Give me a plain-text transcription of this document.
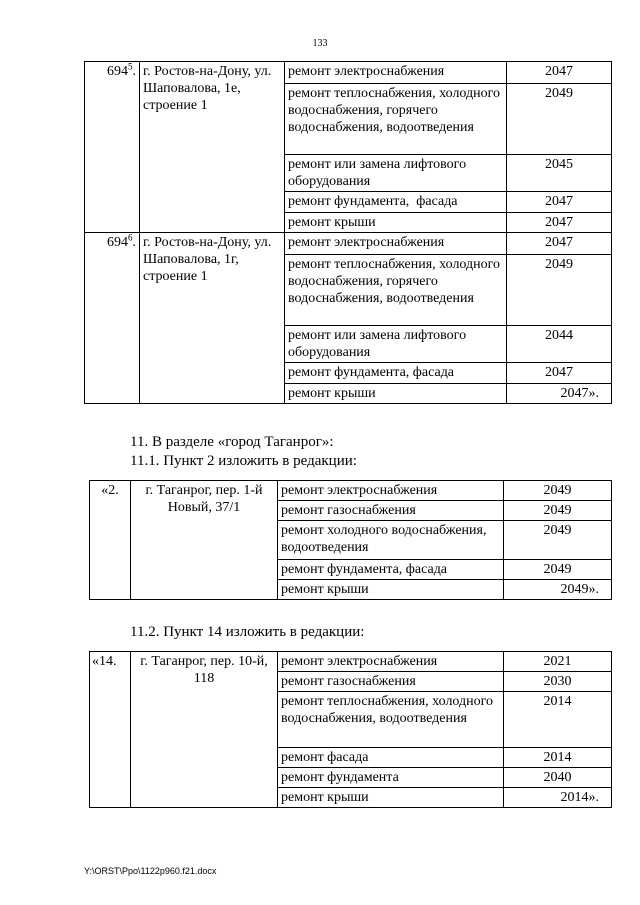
133
$694^5$.	г. Ростов-на-Дону, ул. Шаповалова, 1е, строение 1	ремонт электроснабжения	2047
		ремонт теплоснабжения, холодного водоснабжения, горячего водоснабжения, водоотведения	2049
		ремонт или замена лифтового оборудования	2045
		ремонт фундамента,  фасада	2047
		ремонт крыши	2047
$694^6$.	г. Ростов-на-Дону, ул. Шаповалова, 1г, строение 1	ремонт электроснабжения	2047
		ремонт теплоснабжения, холодного водоснабжения, горячего водоснабжения, водоотведения	2049
		ремонт или замена лифтового оборудования	2044
		ремонт фундамента, фасада	2047
		ремонт крыши	2047».
11. В разделе «город Таганрог»:
11.1. Пункт 2 изложить в редакции:
«2.	г. Таганрог, пер. 1-й Новый, 37/1	ремонт электроснабжения	2049
		ремонт газоснабжения	2049
		ремонт холодного водоснабжения, водоотведения	2049
		ремонт фундамента, фасада	2049
		ремонт крыши	2049».
11.2. Пункт 14 изложить в редакции:
«14.	г. Таганрог, пер. 10-й, 118	ремонт электроснабжения	2021
		ремонт газоснабжения	2030
		ремонт теплоснабжения, холодного водоснабжения, водоотведения	2014
		ремонт фасада	2014
		ремонт фундамента	2040
		ремонт крыши	2014».
Y:\ORST\Ppo\1122p960.f21.docx
